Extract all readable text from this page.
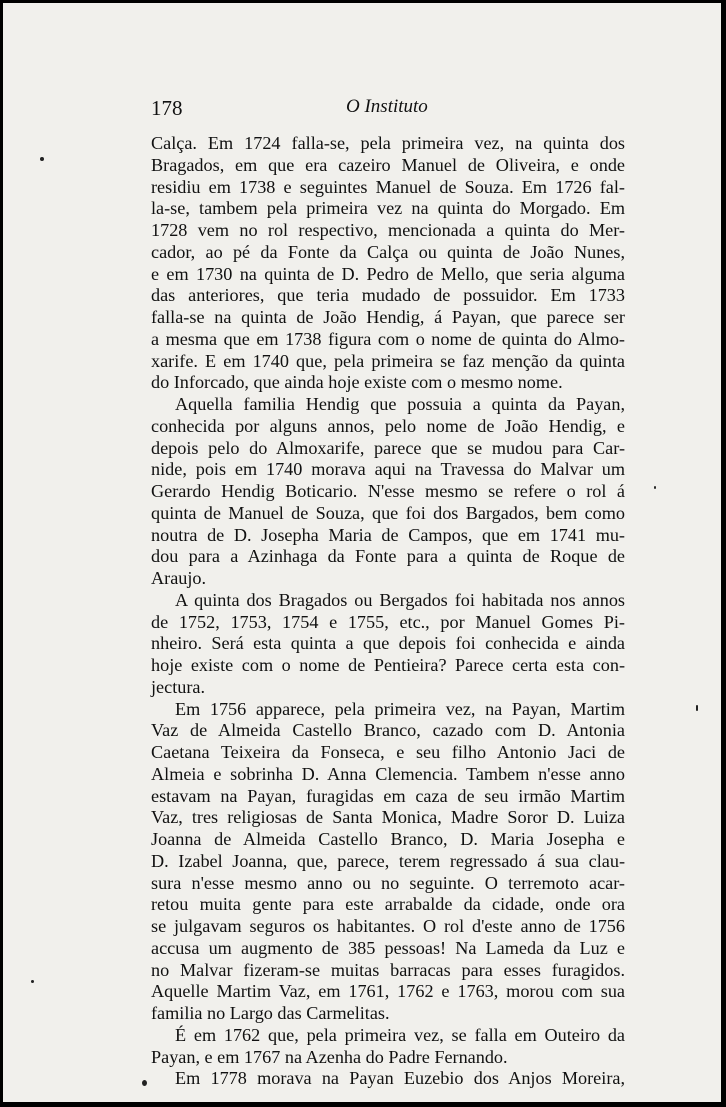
178	O Instituto
Calça. Em 1724 falla-se, pela primeira vez, na quinta dos
Bragados, em que era cazeiro Manuel de Oliveira, e onde
residiu em 1738 e seguintes Manuel de Souza. Em 1726 fal-
la-se, tambem pela primeira vez na quinta do Morgado. Em
1728 vem no rol respectivo, mencionada a quinta do Mer-
cador, ao pé da Fonte da Calça ou quinta de João Nunes,
e em 1730 na quinta de D. Pedro de Mello, que seria alguma
das anteriores, que teria mudado de possuidor. Em 1733
falla-se na quinta de João Hendig, á Payan, que parece ser
a mesma que em 1738 figura com o nome de quinta do Almo-
xarife. E em 1740 que, pela primeira se faz menção da quinta
do Inforcado, que ainda hoje existe com o mesmo nome.
Aquella familia Hendig que possuia a quinta da Payan,
conhecida por alguns annos, pelo nome de João Hendig, e
depois pelo do Almoxarife, parece que se mudou para Car-
nide, pois em 1740 morava aqui na Travessa do Malvar um
Gerardo Hendig Boticario. N'esse mesmo se refere o rol á
quinta de Manuel de Souza, que foi dos Bargados, bem como
noutra de D. Josepha Maria de Campos, que em 1741 mu-
dou para a Azinhaga da Fonte para a quinta de Roque de
Araujo.
A quinta dos Bragados ou Bergados foi habitada nos annos
de 1752, 1753, 1754 e 1755, etc., por Manuel Gomes Pi-
nheiro. Será esta quinta a que depois foi conhecida e ainda
hoje existe com o nome de Pentieira? Parece certa esta con-
jectura.
Em 1756 apparece, pela primeira vez, na Payan, Martim
Vaz de Almeida Castello Branco, cazado com D. Antonia
Caetana Teixeira da Fonseca, e seu filho Antonio Jaci de
Almeia e sobrinha D. Anna Clemencia. Tambem n'esse anno
estavam na Payan, furagidas em caza de seu irmão Martim
Vaz, tres religiosas de Santa Monica, Madre Soror D. Luiza
Joanna de Almeida Castello Branco, D. Maria Josepha e
D. Izabel Joanna, que, parece, terem regressado á sua clau-
sura n'esse mesmo anno ou no seguinte. O terremoto acar-
retou muita gente para este arrabalde da cidade, onde ora
se julgavam seguros os habitantes. O rol d'este anno de 1756
accusa um augmento de 385 pessoas! Na Lameda da Luz e
no Malvar fizeram-se muitas barracas para esses furagidos.
Aquelle Martim Vaz, em 1761, 1762 e 1763, morou com sua
familia no Largo das Carmelitas.
É em 1762 que, pela primeira vez, se falla em Outeiro da
Payan, e em 1767 na Azenha do Padre Fernando.
Em 1778 morava na Payan Euzebio dos Anjos Moreira,
